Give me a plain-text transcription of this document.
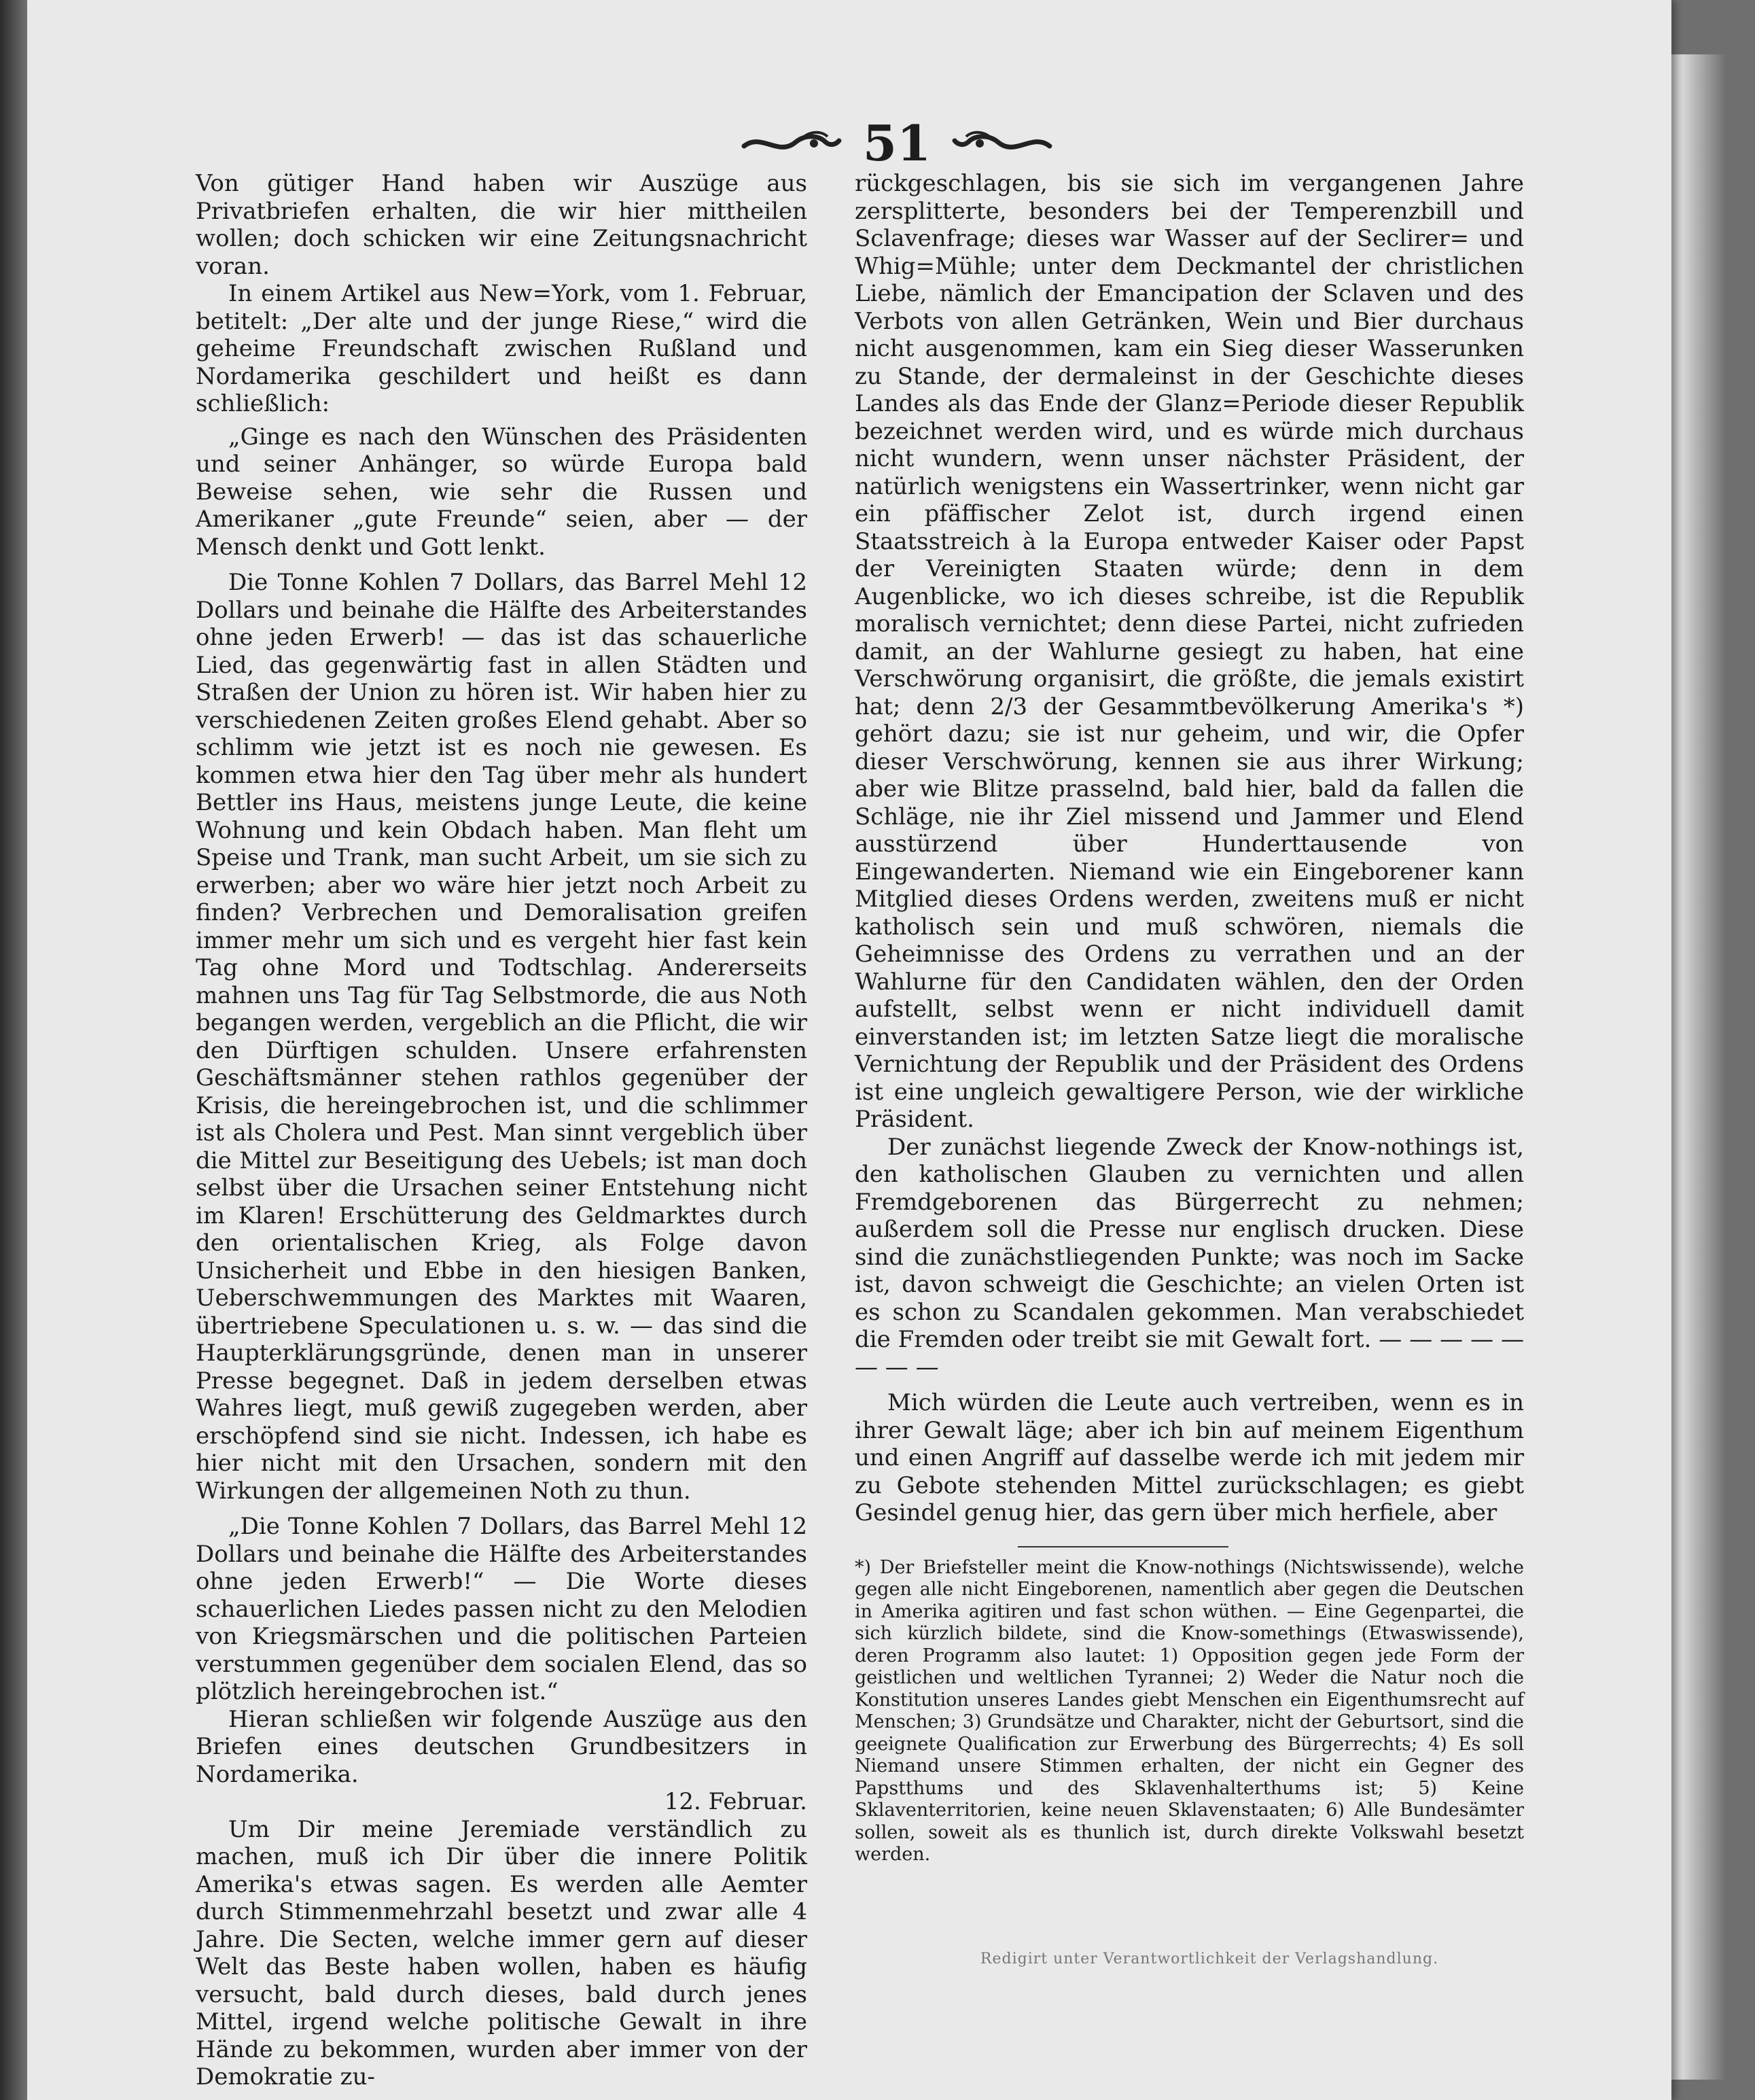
51

Von gütiger Hand haben wir Auszüge aus Privatbriefen erhalten, die wir hier mittheilen wollen; doch schicken wir eine Zeitungsnachricht voran.

In einem Artikel aus New=York, vom 1. Februar, betitelt: „Der alte und der junge Riese,“ wird die geheime Freundschaft zwischen Rußland und Nordamerika geschildert und heißt es dann schließlich:

„Ginge es nach den Wünschen des Präsidenten und seiner Anhänger, so würde Europa bald Beweise sehen, wie sehr die Russen und Amerikaner „gute Freunde“ seien, aber — der Mensch denkt und Gott lenkt.

Die Tonne Kohlen 7 Dollars, das Barrel Mehl 12 Dollars und beinahe die Hälfte des Arbeiterstandes ohne jeden Erwerb! — das ist das schauerliche Lied, das gegenwärtig fast in allen Städten und Straßen der Union zu hören ist. Wir haben hier zu verschiedenen Zeiten großes Elend gehabt. Aber so schlimm wie jetzt ist es noch nie gewesen. Es kommen etwa hier den Tag über mehr als hundert Bettler ins Haus, meistens junge Leute, die keine Wohnung und kein Obdach haben. Man fleht um Speise und Trank, man sucht Arbeit, um sie sich zu erwerben; aber wo wäre hier jetzt noch Arbeit zu finden? Verbrechen und Demoralisation greifen immer mehr um sich und es vergeht hier fast kein Tag ohne Mord und Todtschlag. Andererseits mahnen uns Tag für Tag Selbstmorde, die aus Noth begangen werden, vergeblich an die Pflicht, die wir den Dürftigen schulden. Unsere erfahrensten Geschäftsmänner stehen rathlos gegenüber der Krisis, die hereingebrochen ist, und die schlimmer ist als Cholera und Pest. Man sinnt vergeblich über die Mittel zur Beseitigung des Uebels; ist man doch selbst über die Ursachen seiner Entstehung nicht im Klaren! Erschütterung des Geldmarktes durch den orientalischen Krieg, als Folge davon Unsicherheit und Ebbe in den hiesigen Banken, Ueberschwemmungen des Marktes mit Waaren, übertriebene Speculationen u. s. w. — das sind die Haupterklärungsgründe, denen man in unserer Presse begegnet. Daß in jedem derselben etwas Wahres liegt, muß gewiß zugegeben werden, aber erschöpfend sind sie nicht. Indessen, ich habe es hier nicht mit den Ursachen, sondern mit den Wirkungen der allgemeinen Noth zu thun.

„Die Tonne Kohlen 7 Dollars, das Barrel Mehl 12 Dollars und beinahe die Hälfte des Arbeiterstandes ohne jeden Erwerb!“ — Die Worte dieses schauerlichen Liedes passen nicht zu den Melodien von Kriegsmärschen und die politischen Parteien verstummen gegenüber dem socialen Elend, das so plötzlich hereingebrochen ist.“

Hieran schließen wir folgende Auszüge aus den Briefen eines deutschen Grundbesitzers in Nordamerika.

12. Februar.

Um Dir meine Jeremiade verständlich zu machen, muß ich Dir über die innere Politik Amerika's etwas sagen. Es werden alle Aemter durch Stimmenmehrzahl besetzt und zwar alle 4 Jahre. Die Secten, welche immer gern auf dieser Welt das Beste haben wollen, haben es häufig versucht, bald durch dieses, bald durch jenes Mittel, irgend welche politische Gewalt in ihre Hände zu bekommen, wurden aber immer von der Demokratie zu-

rückgeschlagen, bis sie sich im vergangenen Jahre zersplitterte, besonders bei der Temperenzbill und Sclavenfrage; dieses war Wasser auf der Seclirer= und Whig=Mühle; unter dem Deckmantel der christlichen Liebe, nämlich der Emancipation der Sclaven und des Verbots von allen Getränken, Wein und Bier durchaus nicht ausgenommen, kam ein Sieg dieser Wasserunken zu Stande, der dermaleinst in der Geschichte dieses Landes als das Ende der Glanz=Periode dieser Republik bezeichnet werden wird, und es würde mich durchaus nicht wundern, wenn unser nächster Präsident, der natürlich wenigstens ein Wassertrinker, wenn nicht gar ein pfäffischer Zelot ist, durch irgend einen Staatsstreich à la Europa entweder Kaiser oder Papst der Vereinigten Staaten würde; denn in dem Augenblicke, wo ich dieses schreibe, ist die Republik moralisch vernichtet; denn diese Partei, nicht zufrieden damit, an der Wahlurne gesiegt zu haben, hat eine Verschwörung organisirt, die größte, die jemals existirt hat; denn 2/3 der Gesammtbevölkerung Amerika's *) gehört dazu; sie ist nur geheim, und wir, die Opfer dieser Verschwörung, kennen sie aus ihrer Wirkung; aber wie Blitze prasselnd, bald hier, bald da fallen die Schläge, nie ihr Ziel missend und Jammer und Elend ausstürzend über Hunderttausende von Eingewanderten. Niemand wie ein Eingeborener kann Mitglied dieses Ordens werden, zweitens muß er nicht katholisch sein und muß schwören, niemals die Geheimnisse des Ordens zu verrathen und an der Wahlurne für den Candidaten wählen, den der Orden aufstellt, selbst wenn er nicht individuell damit einverstanden ist; im letzten Satze liegt die moralische Vernichtung der Republik und der Präsident des Ordens ist eine ungleich gewaltigere Person, wie der wirkliche Präsident.

Der zunächst liegende Zweck der Know-nothings ist, den katholischen Glauben zu vernichten und allen Fremdgeborenen das Bürgerrecht zu nehmen; außerdem soll die Presse nur englisch drucken. Diese sind die zunächstliegenden Punkte; was noch im Sacke ist, davon schweigt die Geschichte; an vielen Orten ist es schon zu Scandalen gekommen. Man verabschiedet die Fremden oder treibt sie mit Gewalt fort. — — — — — — — —

Mich würden die Leute auch vertreiben, wenn es in ihrer Gewalt läge; aber ich bin auf meinem Eigenthum und einen Angriff auf dasselbe werde ich mit jedem mir zu Gebote stehenden Mittel zurückschlagen; es giebt Gesindel genug hier, das gern über mich herfiele, aber

*) Der Briefsteller meint die Know-nothings (Nichtswissende), welche gegen alle nicht Eingeborenen, namentlich aber gegen die Deutschen in Amerika agitiren und fast schon wüthen. — Eine Gegenpartei, die sich kürzlich bildete, sind die Know-somethings (Etwaswissende), deren Programm also lautet: 1) Opposition gegen jede Form der geistlichen und weltlichen Tyrannei; 2) Weder die Natur noch die Konstitution unseres Landes giebt Menschen ein Eigenthumsrecht auf Menschen; 3) Grundsätze und Charakter, nicht der Geburtsort, sind die geeignete Qualification zur Erwerbung des Bürgerrechts; 4) Es soll Niemand unsere Stimmen erhalten, der nicht ein Gegner des Papstthums und des Sklavenhalterthums ist; 5) Keine Sklaventerritorien, keine neuen Sklavenstaaten; 6) Alle Bundesämter sollen, soweit als es thunlich ist, durch direkte Volkswahl besetzt werden.

Redigirt unter Verantwortlichkeit der Verlagshandlung.
